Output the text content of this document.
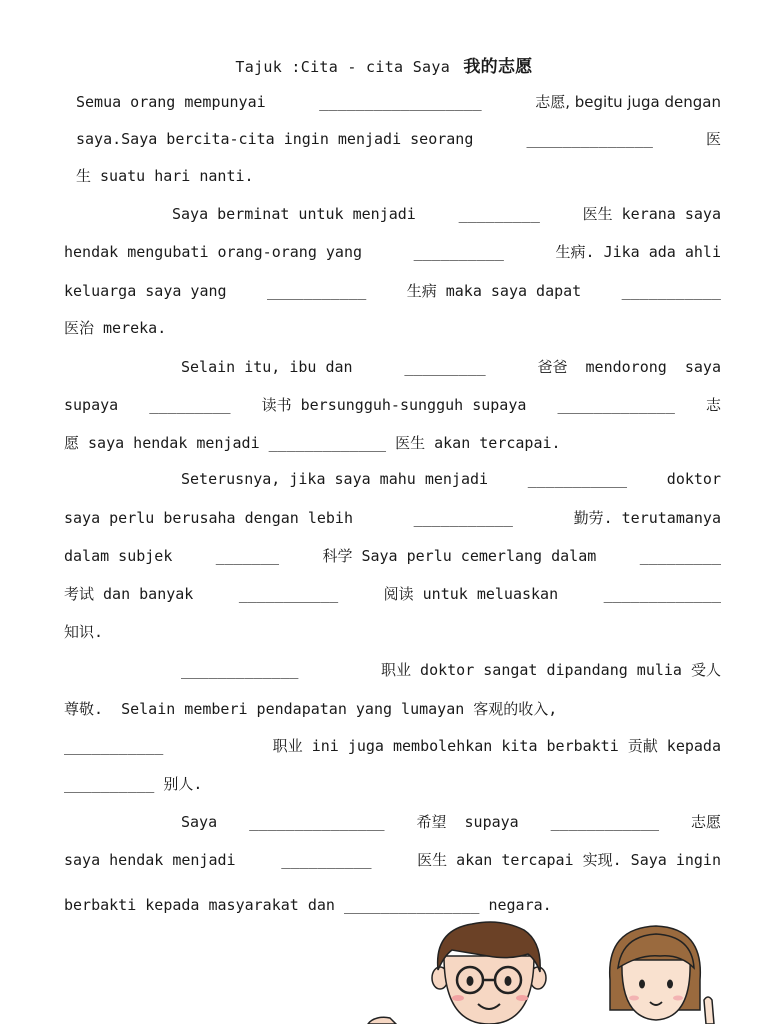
Tajuk :Cita - cita Saya 我的志愿
Semua orang mempunyai	__________________	志愿, begitu juga dengan
saya.Saya bercita-cita ingin menjadi seorang	______________	医
生 suatu hari nanti.
Saya berminat untuk menjadi	_________	医生 kerana saya
hendak mengubati orang-orang yang	__________	生病. Jika ada ahli
keluarga saya yang	___________	生病 maka saya dapat	___________
医治 mereka.
Selain itu, ibu dan	_________	爸爸  mendorong  saya
supaya _________ 读书 bersungguh-sungguh supaya _____________ 志
愿 saya hendak menjadi _____________ 医生 akan tercapai.
Seterusnya, jika saya mahu menjadi	___________	doktor
saya perlu berusaha dengan lebih	___________	勤劳. terutamanya
dalam subjek	_______	科学 Saya perlu cemerlang dalam	_________
考试 dan banyak	___________	阅读 untuk meluaskan	_____________
知识.
_____________	职业 doktor sangat dipandang mulia 受人
尊敬.  Selain memberi pendapatan yang lumayan 客观的收入,
___________	职业 ini juga membolehkan kita berbakti 贡献 kepada
__________ 别人.
Saya _______________ 希望  supaya ____________ 志愿
saya hendak menjadi	__________	医生 akan tercapai 实现. Saya ingin
berbakti kepada masyarakat dan _______________ negara.
